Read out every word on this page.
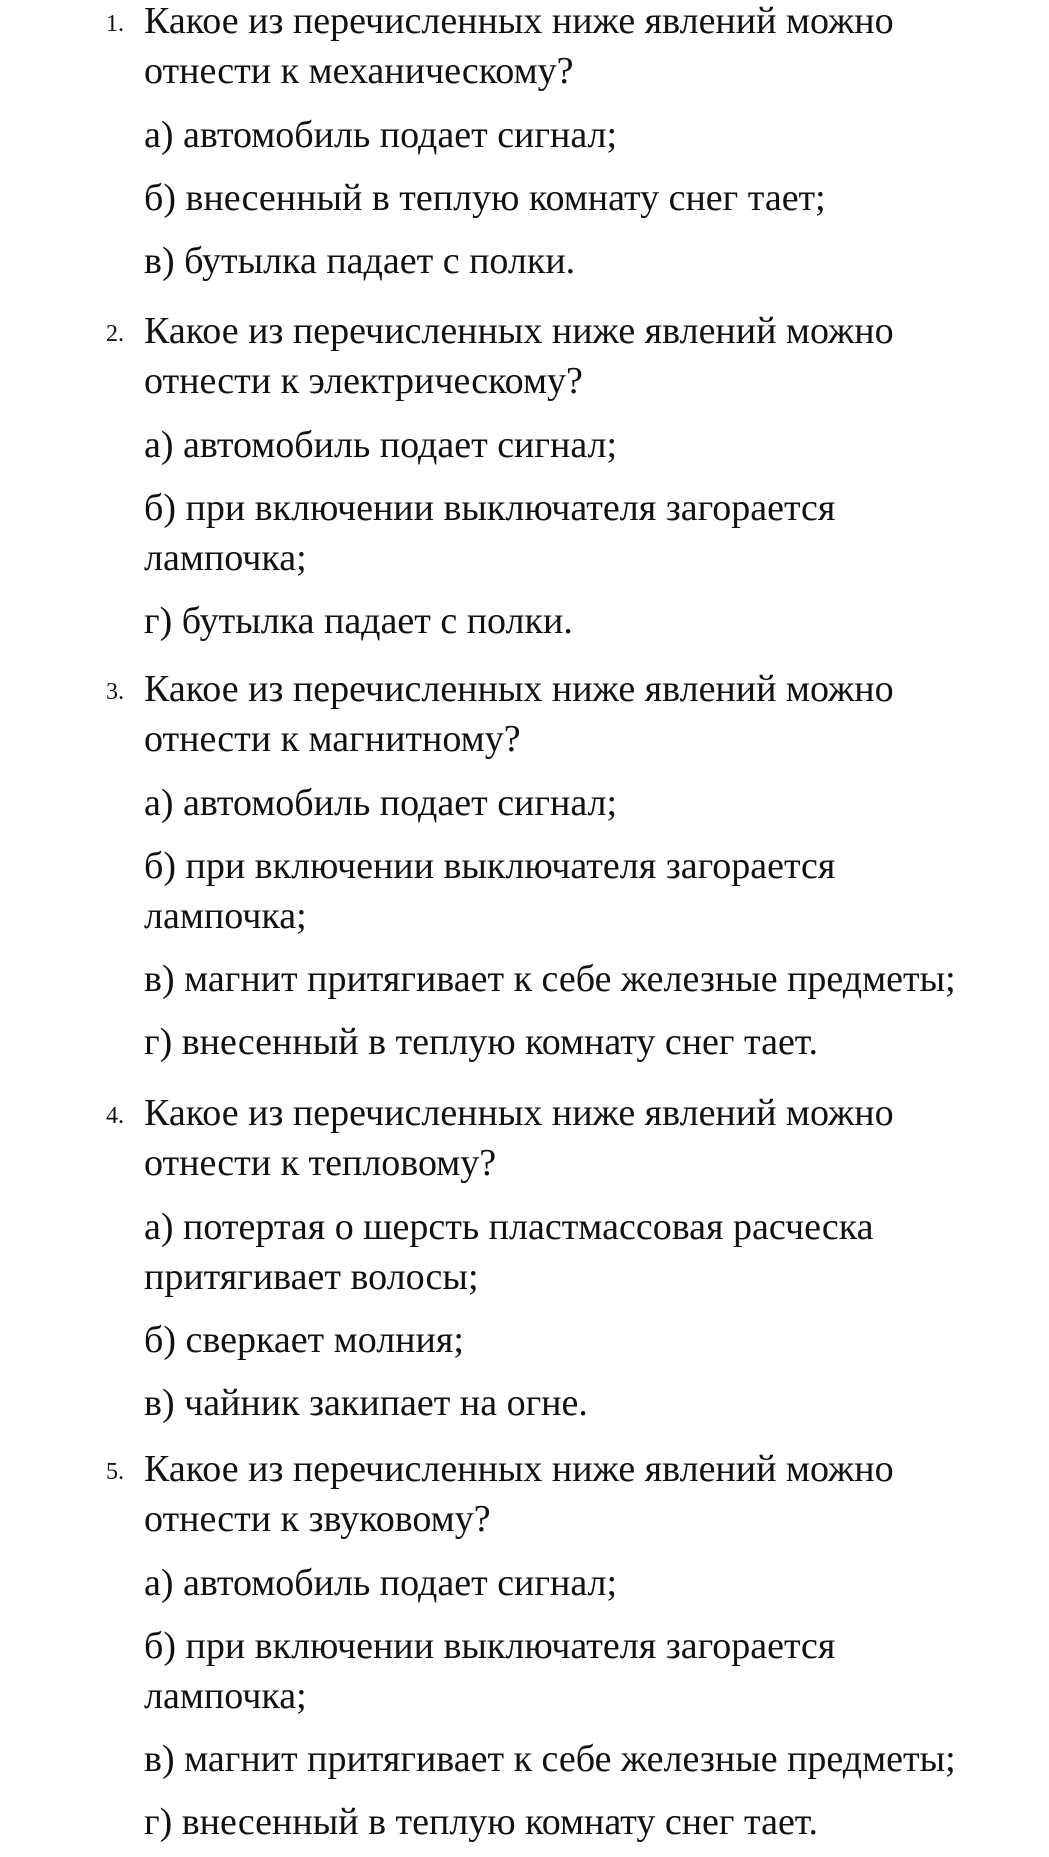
1. Какое из перечисленных ниже явлений можно
отнести к механическому?
а) автомобиль подает сигнал;
б) внесенный в теплую комнату снег тает;
в) бутылка падает с полки.
2. Какое из перечисленных ниже явлений можно
отнести к электрическому?
а) автомобиль подает сигнал;
б) при включении выключателя загорается
лампочка;
г) бутылка падает с полки.
3. Какое из перечисленных ниже явлений можно
отнести к магнитному?
а) автомобиль подает сигнал;
б) при включении выключателя загорается
лампочка;
в) магнит притягивает к себе железные предметы;
г) внесенный в теплую комнату снег тает.
4. Какое из перечисленных ниже явлений можно
отнести к тепловому?
а) потертая о шерсть пластмассовая расческа
притягивает волосы;
б) сверкает молния;
в) чайник закипает на огне.
5. Какое из перечисленных ниже явлений можно
отнести к звуковому?
а) автомобиль подает сигнал;
б) при включении выключателя загорается
лампочка;
в) магнит притягивает к себе железные предметы;
г) внесенный в теплую комнату снег тает.
